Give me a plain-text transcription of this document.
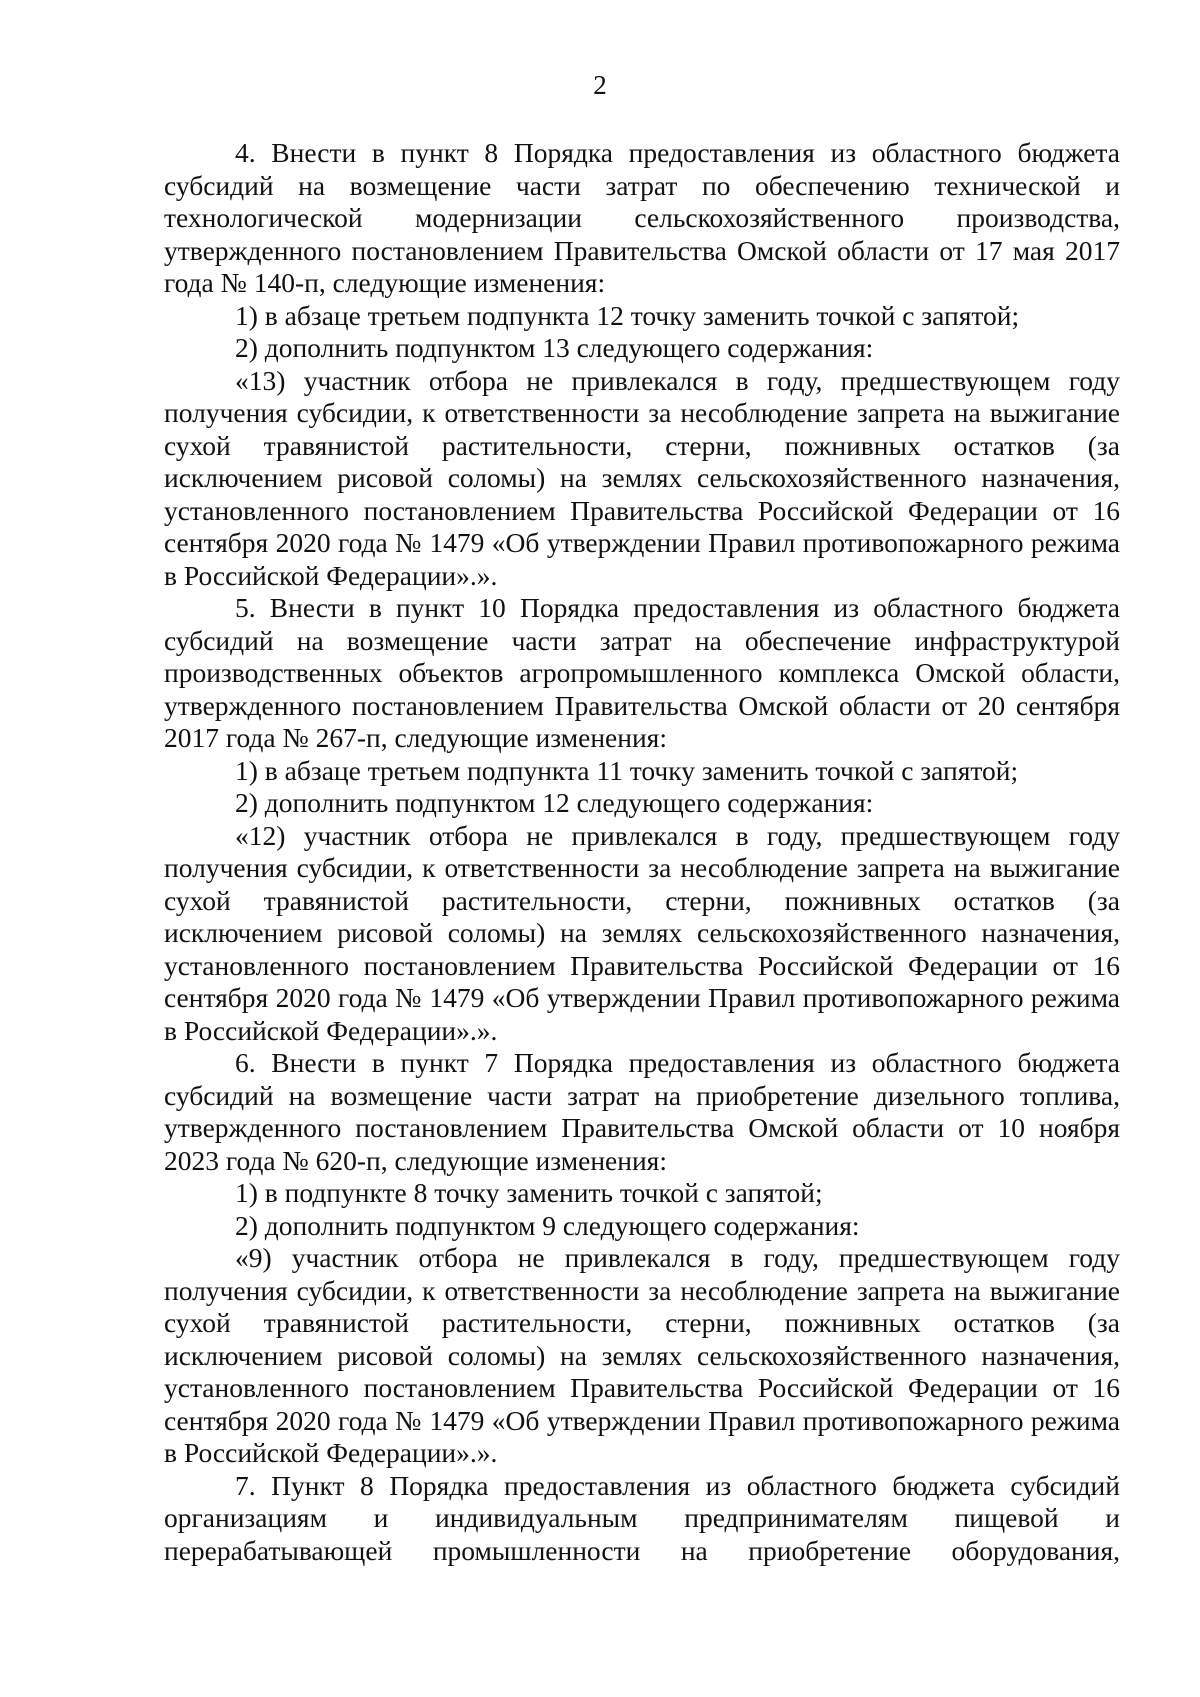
2

4. Внести в пункт 8 Порядка предоставления из областного бюджета субсидий на возмещение части затрат по обеспечению технической и технологической модернизации сельскохозяйственного производства, утвержденного постановлением Правительства Омской области от 17 мая 2017 года № 140-п, следующие изменения:

1) в абзаце третьем подпункта 12 точку заменить точкой с запятой;

2) дополнить подпунктом 13 следующего содержания:

«13) участник отбора не привлекался в году, предшествующем году получения субсидии, к ответственности за несоблюдение запрета на выжигание сухой травянистой растительности, стерни, пожнивных остатков (за исключением рисовой соломы) на землях сельскохозяйственного назначения, установленного постановлением Правительства Российской Федерации от 16 сентября 2020 года № 1479 «Об утверждении Правил противопожарного режима в Российской Федерации».».

5. Внести в пункт 10 Порядка предоставления из областного бюджета субсидий на возмещение части затрат на обеспечение инфраструктурой производственных объектов агропромышленного комплекса Омской области, утвержденного постановлением Правительства Омской области от 20 сентября 2017 года № 267-п, следующие изменения:

1) в абзаце третьем подпункта 11 точку заменить точкой с запятой;

2) дополнить подпунктом 12 следующего содержания:

«12) участник отбора не привлекался в году, предшествующем году получения субсидии, к ответственности за несоблюдение запрета на выжигание сухой травянистой растительности, стерни, пожнивных остатков (за исключением рисовой соломы) на землях сельскохозяйственного назначения, установленного постановлением Правительства Российской Федерации от 16 сентября 2020 года № 1479 «Об утверждении Правил противопожарного режима в Российской Федерации».».

6. Внести в пункт 7 Порядка предоставления из областного бюджета субсидий на возмещение части затрат на приобретение дизельного топлива, утвержденного постановлением Правительства Омской области от 10 ноября 2023 года № 620-п, следующие изменения:

1) в подпункте 8 точку заменить точкой с запятой;

2) дополнить подпунктом 9 следующего содержания:

«9) участник отбора не привлекался в году, предшествующем году получения субсидии, к ответственности за несоблюдение запрета на выжигание сухой травянистой растительности, стерни, пожнивных остатков (за исключением рисовой соломы) на землях сельскохозяйственного назначения, установленного постановлением Правительства Российской Федерации от 16 сентября 2020 года № 1479 «Об утверждении Правил противопожарного режима в Российской Федерации».».

7. Пункт 8 Порядка предоставления из областного бюджета субсидий организациям и индивидуальным предпринимателям пищевой и перерабатывающей промышленности на приобретение оборудования,
